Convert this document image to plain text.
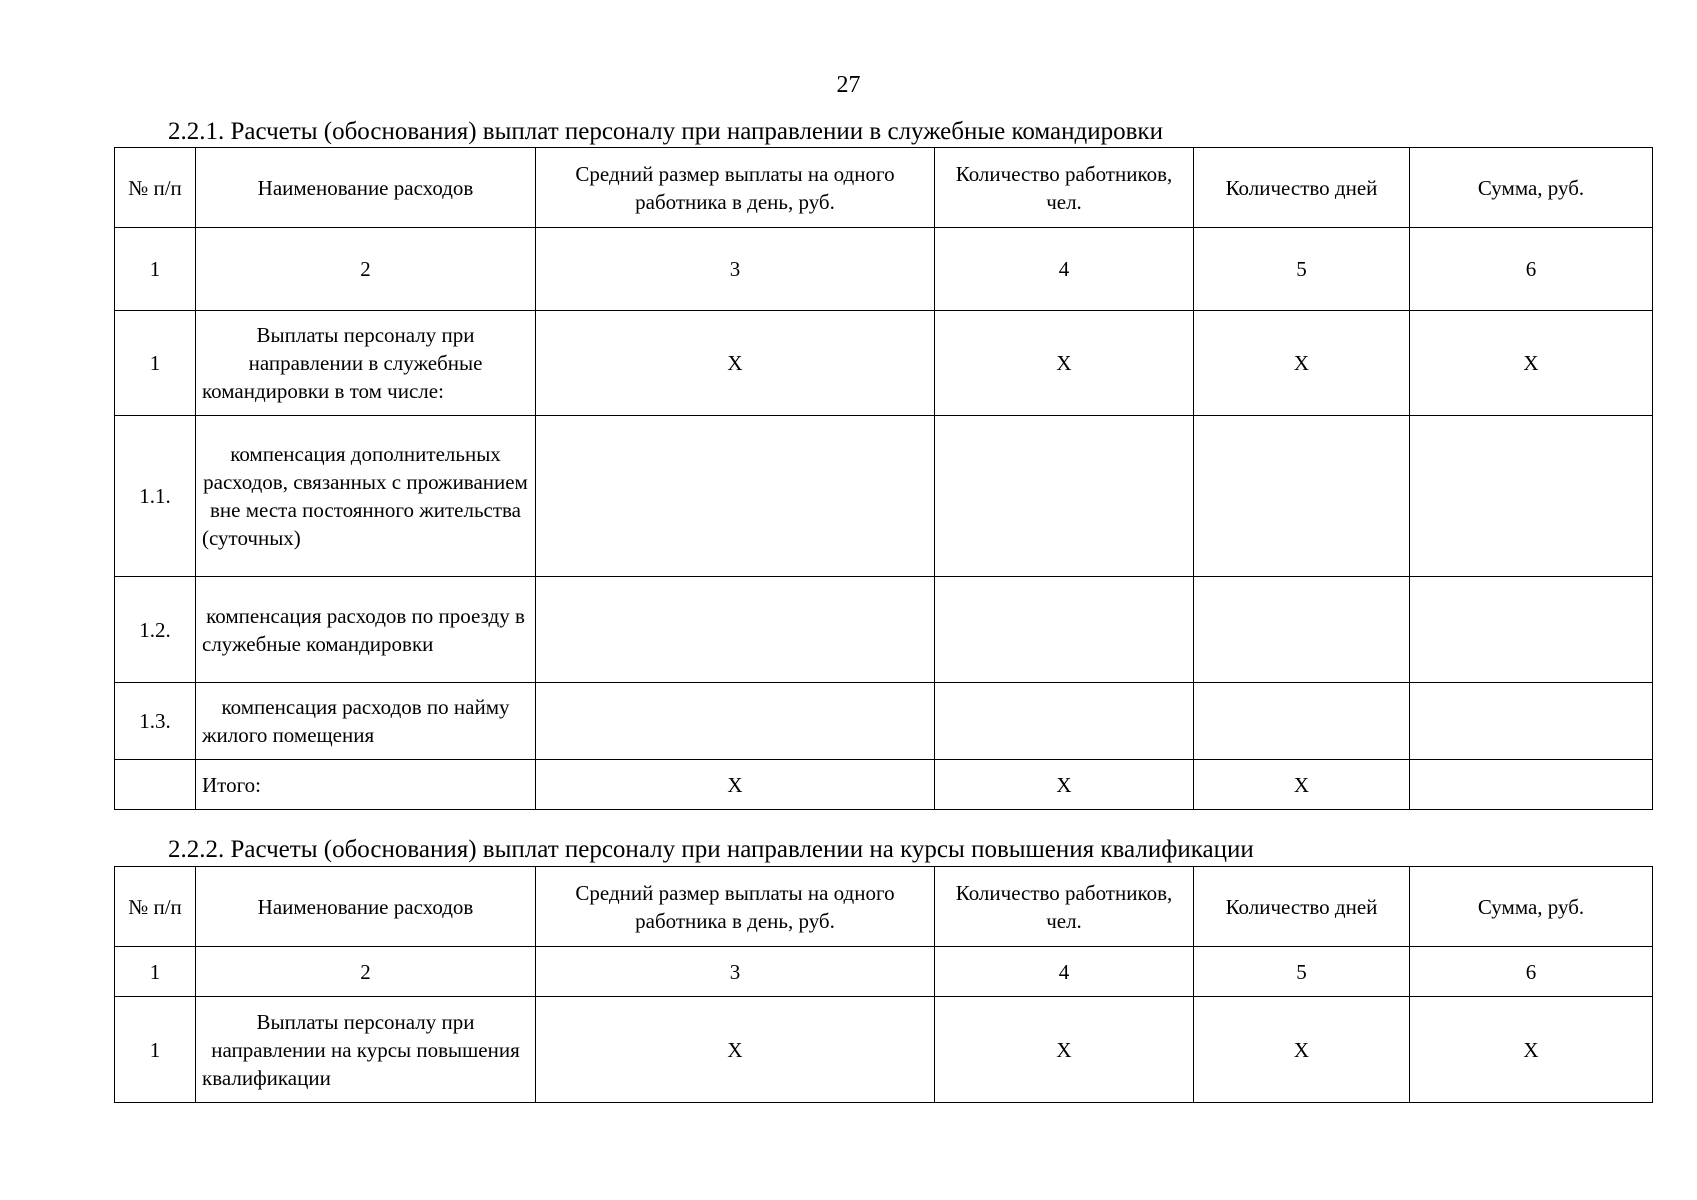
27
2.2.1. Расчеты (обоснования) выплат персоналу при направлении в служебные командировки
№ п/п	Наименование расходов	Средний размер выплаты на одного работника в день, руб.	Количество работников, чел.	Количество дней	Сумма, руб.
1	2	3	4	5	6
1	Выплаты персоналу при направлении в служебные командировки в том числе:	X	X	X	X
1.1.	компенсация дополнительных расходов, связанных с проживанием вне места постоянного жительства (суточных)				
1.2.	компенсация расходов по проезду в служебные командировки				
1.3.	компенсация расходов по найму жилого помещения				
	Итого:	X	X	X	
2.2.2. Расчеты (обоснования) выплат персоналу при направлении на курсы повышения квалификации
№ п/п	Наименование расходов	Средний размер выплаты на одного работника в день, руб.	Количество работников, чел.	Количество дней	Сумма, руб.
1	2	3	4	5	6
1	Выплаты персоналу при направлении на курсы повышения квалификации	X	X	X	X
